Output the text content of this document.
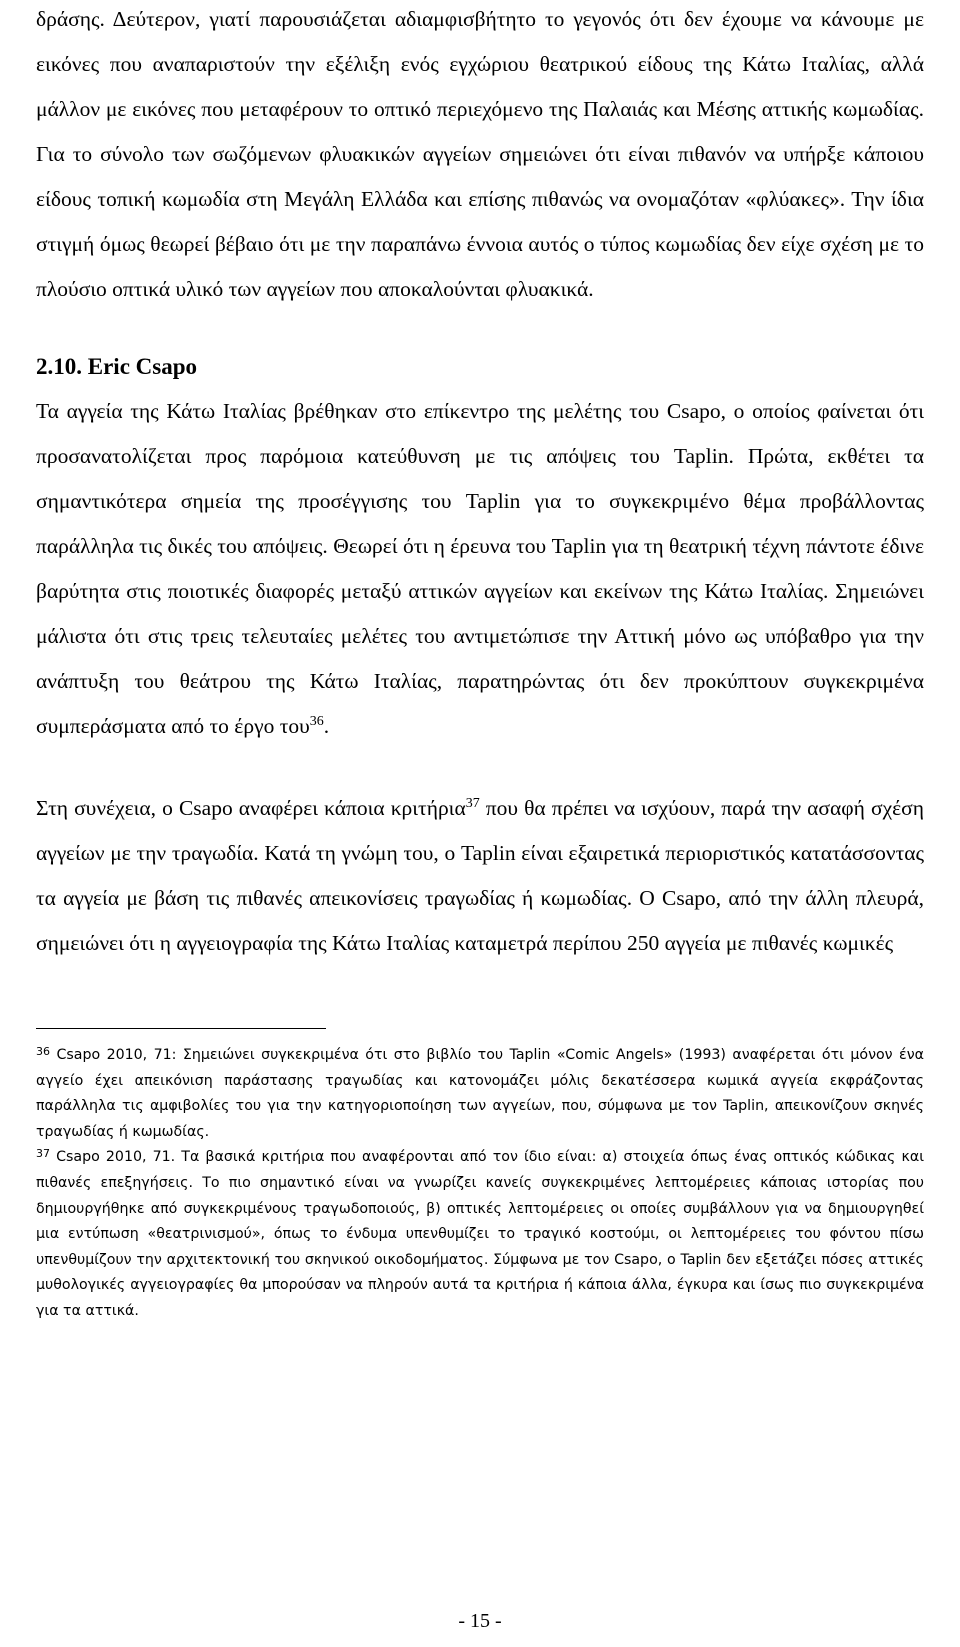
δράσης. Δεύτερον, γιατί παρουσιάζεται αδιαμφισβήτητο το γεγονός ότι δεν έχουμε να κάνουμε με εικόνες που αναπαριστούν την εξέλιξη ενός εγχώριου θεατρικού είδους της Κάτω Ιταλίας, αλλά μάλλον με εικόνες που μεταφέρουν το οπτικό περιεχόμενο της Παλαιάς και Μέσης αττικής κωμωδίας. Για το σύνολο των σωζόμενων φλυακικών αγγείων σημειώνει ότι είναι πιθανόν να υπήρξε κάποιου είδους τοπική κωμωδία στη Μεγάλη Ελλάδα και επίσης πιθανώς να ονομαζόταν «φλύακες». Την ίδια στιγμή όμως θεωρεί βέβαιο ότι με την παραπάνω έννοια αυτός ο τύπος κωμωδίας δεν είχε σχέση με το πλούσιο οπτικά υλικό των αγγείων που αποκαλούνται φλυακικά.

2.10. Eric Csapo

Τα αγγεία της Κάτω Ιταλίας βρέθηκαν στο επίκεντρο της μελέτης του Csapo, ο οποίος φαίνεται ότι προσανατολίζεται προς παρόμοια κατεύθυνση με τις απόψεις του Taplin. Πρώτα, εκθέτει τα σημαντικότερα σημεία της προσέγγισης του Taplin για το συγκεκριμένο θέμα προβάλλοντας παράλληλα τις δικές του απόψεις. Θεωρεί ότι η έρευνα του Taplin για τη θεατρική τέχνη πάντοτε έδινε βαρύτητα στις ποιοτικές διαφορές μεταξύ αττικών αγγείων και εκείνων της Κάτω Ιταλίας. Σημειώνει μάλιστα ότι στις τρεις τελευταίες μελέτες του αντιμετώπισε την Αττική μόνο ως υπόβαθρο για την ανάπτυξη του θεάτρου της Κάτω Ιταλίας, παρατηρώντας ότι δεν προκύπτουν συγκεκριμένα συμπεράσματα από το έργο του$^{36}$.

Στη συνέχεια, ο Csapo αναφέρει κάποια κριτήρια$^{37}$ που θα πρέπει να ισχύουν, παρά την ασαφή σχέση αγγείων με την τραγωδία. Κατά τη γνώμη του, ο Taplin είναι εξαιρετικά περιοριστικός κατατάσσοντας τα αγγεία με βάση τις πιθανές απεικονίσεις τραγωδίας ή κωμωδίας. Ο Csapo, από την άλλη πλευρά, σημειώνει ότι η αγγειογραφία της Κάτω Ιταλίας καταμετρά περίπου 250 αγγεία με πιθανές κωμικές

$^{36}$ Csapo 2010, 71: Σημειώνει συγκεκριμένα ότι στο βιβλίο του Taplin «Comic Angels» (1993) αναφέρεται ότι μόνον ένα αγγείο έχει απεικόνιση παράστασης τραγωδίας και κατονομάζει μόλις δεκατέσσερα κωμικά αγγεία εκφράζοντας παράλληλα τις αμφιβολίες του για την κατηγοριοποίηση των αγγείων, που, σύμφωνα με τον Taplin, απεικονίζουν σκηνές τραγωδίας ή κωμωδίας.

$^{37}$ Csapo 2010, 71. Τα βασικά κριτήρια που αναφέρονται από τον ίδιο είναι: α) στοιχεία όπως ένας οπτικός κώδικας και πιθανές επεξηγήσεις. Το πιο σημαντικό είναι να γνωρίζει κανείς συγκεκριμένες λεπτομέρειες κάποιας ιστορίας που δημιουργήθηκε από συγκεκριμένους τραγωδοποιούς, β) οπτικές λεπτομέρειες οι οποίες συμβάλλουν για να δημιουργηθεί μια εντύπωση «θεατρινισμού», όπως το ένδυμα υπενθυμίζει το τραγικό κοστούμι, οι λεπτομέρειες του φόντου πίσω υπενθυμίζουν την αρχιτεκτονική του σκηνικού οικοδομήματος. Σύμφωνα με τον Csapo, ο Taplin δεν εξετάζει πόσες αττικές μυθολογικές αγγειογραφίες θα μπορούσαν να πληρούν αυτά τα κριτήρια ή κάποια άλλα, έγκυρα και ίσως πιο συγκεκριμένα για τα αττικά.

- 15 -
